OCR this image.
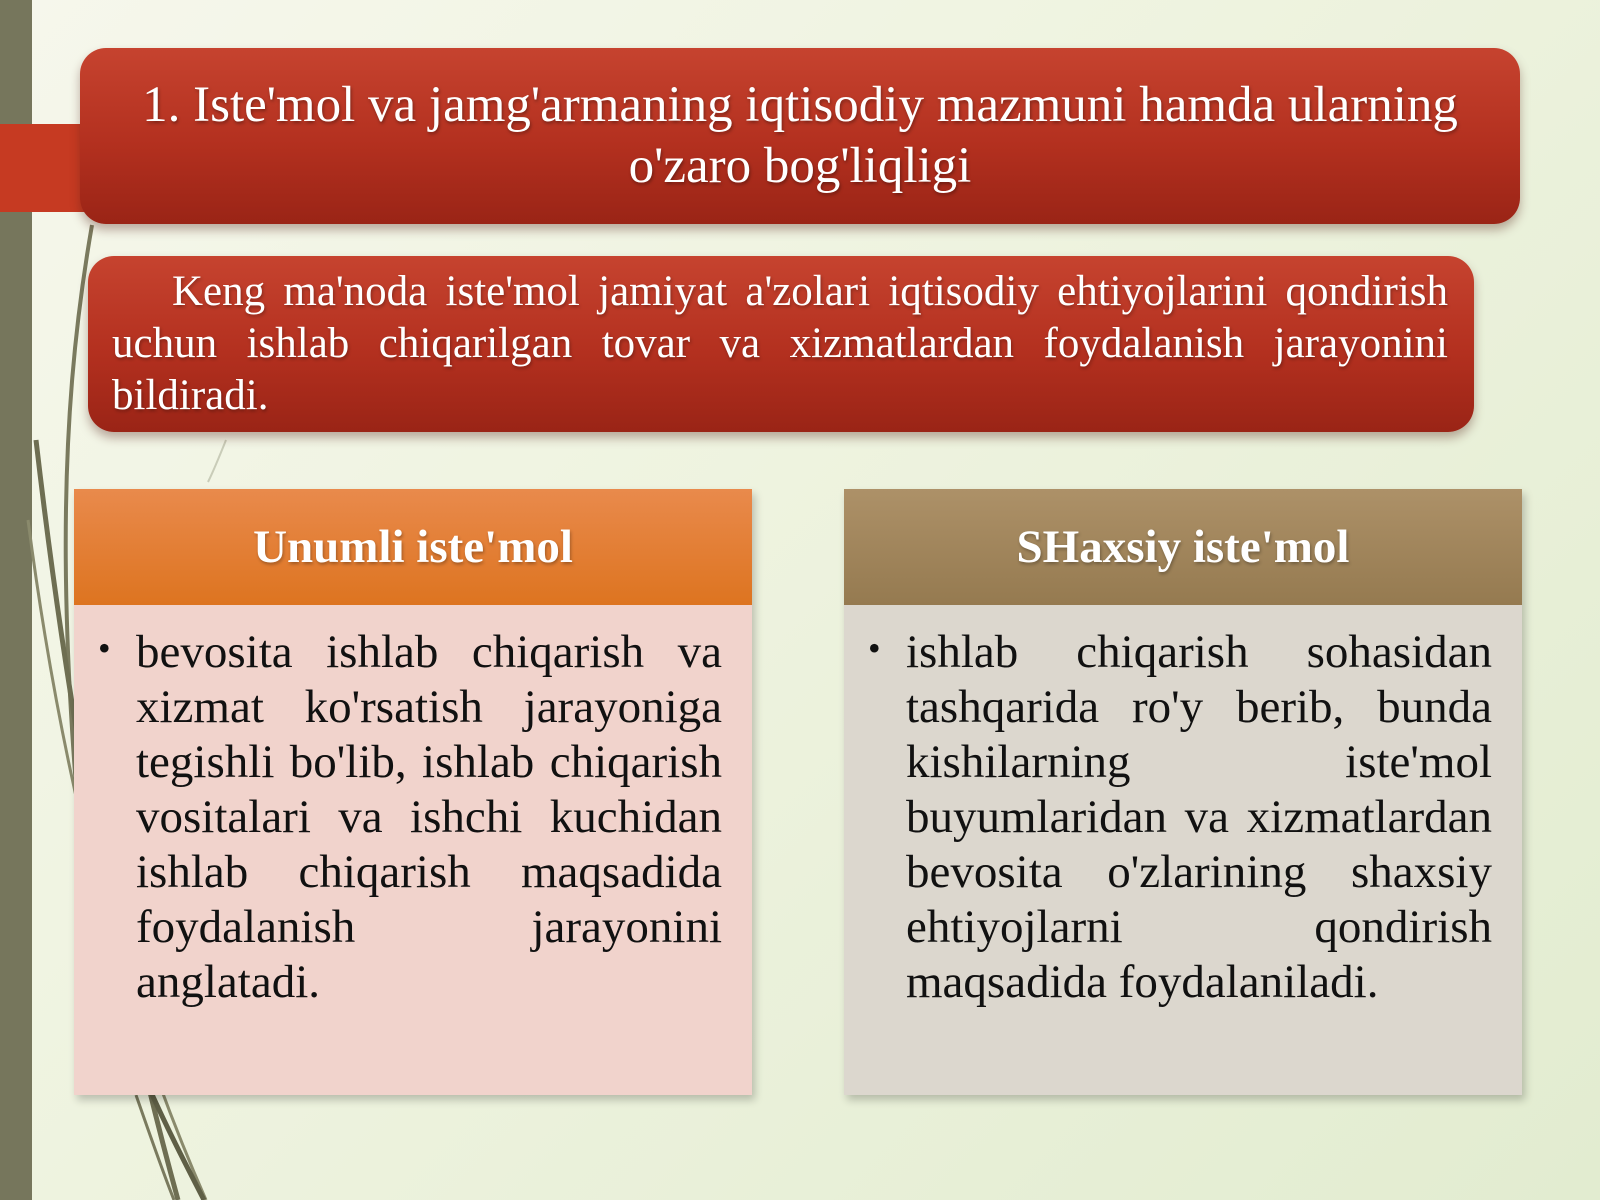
1. Iste'mol va jamg'armaning iqtisodiy mazmuni hamda ularning o'zaro bog'liqligi
Keng ma'noda iste'mol jamiyat a'zolari iqtisodiy ehtiyojlarini qondirish uchun ishlab chiqarilgan tovar va xizmatlardan foydalanish jarayonini bildiradi.
Unumli iste'mol
• bevosita ishlab chiqarish va xizmat ko'rsatish jarayoniga tegishli bo'lib, ishlab chiqarish vositalari va ishchi kuchidan ishlab chiqarish maqsadida foydalanish jarayonini anglatadi.

SHaxsiy iste'mol
• ishlab chiqarish sohasidan tashqarida ro'y berib, bunda kishilarning iste'mol buyumlaridan va xizmatlardan bevosita o'zlarining shaxsiy ehtiyojlarni qondirish maqsadida foydalaniladi.
